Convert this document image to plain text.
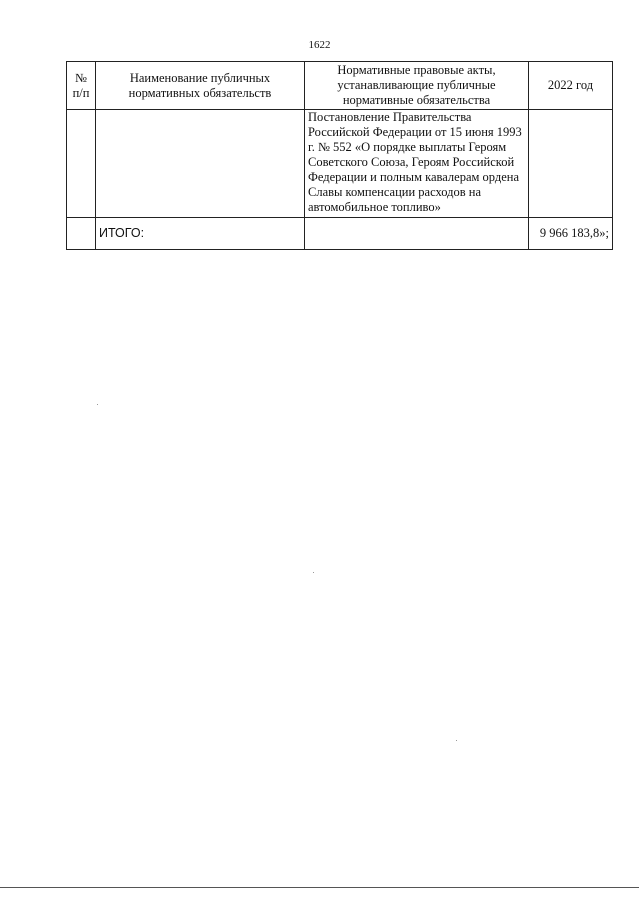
1622
№ п/п	Наименование публичных нормативных обязательств	Нормативные правовые акты, устанавливающие публичные нормативные обязательства	2022 год
		Постановление Правительства Российской Федерации от 15 июня 1993 г. № 552 «О порядке выплаты Героям Советского Союза, Героям Российской Федерации и полным кавалерам ордена Славы компенсации расходов на автомобильное топливо»	
	ИТОГО:		9 966 183,8»;
